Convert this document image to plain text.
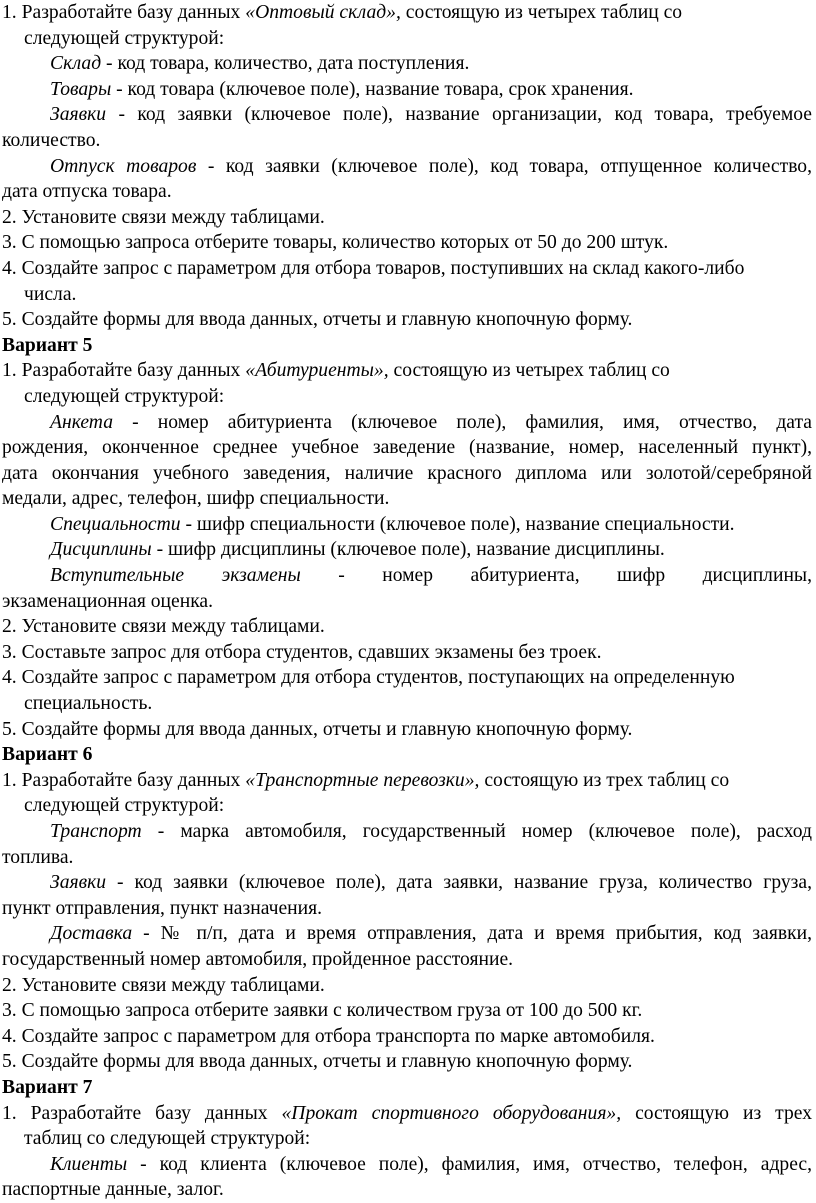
1. Разработайте базу данных «Оптовый склад», состоящую из четырех таблиц со
следующей структурой:
Склад - код товара, количество, дата поступления.
Товары - код товара (ключевое поле), название товара, срок хранения.
Заявки - код заявки (ключевое поле), название организации, код товара, требуемое
количество.
Отпуск товаров - код заявки (ключевое поле), код товара, отпущенное количество,
дата отпуска товара.
2. Установите связи между таблицами.
3. С помощью запроса отберите товары, количество которых от 50 до 200 штук.
4. Создайте запрос с параметром для отбора товаров, поступивших на склад какого-либо
числа.
5. Создайте формы для ввода данных, отчеты и главную кнопочную форму.
Вариант 5
1. Разработайте базу данных «Абитуриенты», состоящую из четырех таблиц со
следующей структурой:
Анкета - номер абитуриента (ключевое поле), фамилия, имя, отчество, дата
рождения, оконченное среднее учебное заведение (название, номер, населенный пункт),
дата окончания учебного заведения, наличие красного диплома или золотой/серебряной
медали, адрес, телефон, шифр специальности.
Специальности - шифр специальности (ключевое поле), название специальности.
Дисциплины - шифр дисциплины (ключевое поле), название дисциплины.
Вступительные экзамены - номер абитуриента, шифр дисциплины,
экзаменационная оценка.
2. Установите связи между таблицами.
3. Составьте запрос для отбора студентов, сдавших экзамены без троек.
4. Создайте запрос с параметром для отбора студентов, поступающих на определенную
специальность.
5. Создайте формы для ввода данных, отчеты и главную кнопочную форму.
Вариант 6
1. Разработайте базу данных «Транспортные перевозки», состоящую из трех таблиц со
следующей структурой:
Транспорт - марка автомобиля, государственный номер (ключевое поле), расход
топлива.
Заявки - код заявки (ключевое поле), дата заявки, название груза, количество груза,
пункт отправления, пункт назначения.
Доставка - № п/п, дата и время отправления, дата и время прибытия, код заявки,
государственный номер автомобиля, пройденное расстояние.
2. Установите связи между таблицами.
3. С помощью запроса отберите заявки с количеством груза от 100 до 500 кг.
4. Создайте запрос с параметром для отбора транспорта по марке автомобиля.
5. Создайте формы для ввода данных, отчеты и главную кнопочную форму.
Вариант 7
1. Разработайте базу данных «Прокат спортивного оборудования», состоящую из трех
таблиц со следующей структурой:
Клиенты - код клиента (ключевое поле), фамилия, имя, отчество, телефон, адрес,
паспортные данные, залог.
